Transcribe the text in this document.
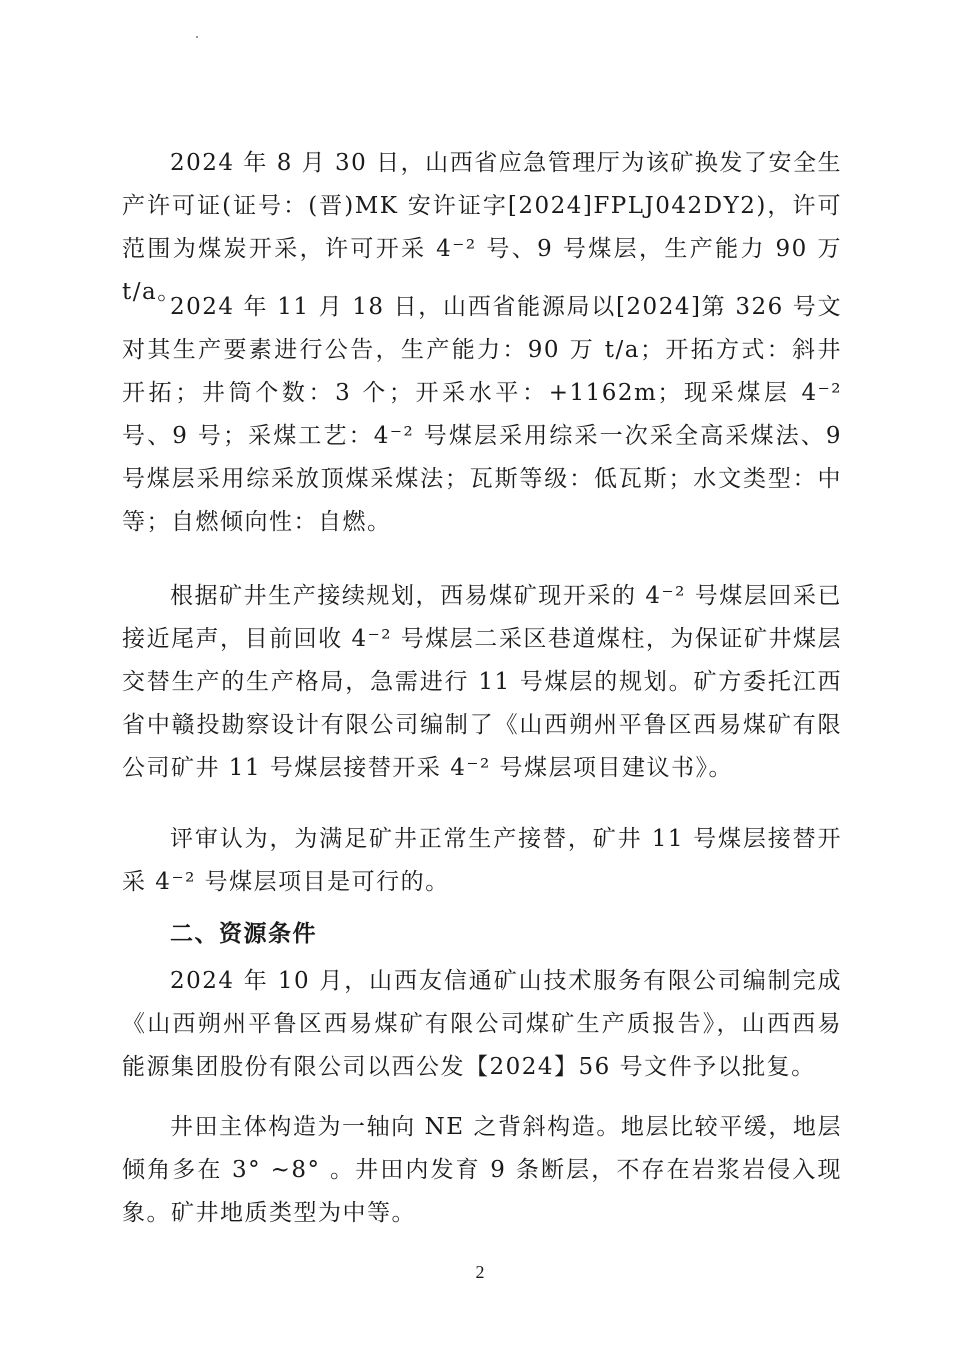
2024 年 8 月 30 日，山西省应急管理厅为该矿换发了安全生产许可证(证号：(晋)MK 安许证字[2024]FPLJ042DY2)，许可范围为煤炭开采，许可开采 4⁻² 号、9 号煤层，生产能力 90 万 t/a。

2024 年 11 月 18 日，山西省能源局以[2024]第 326 号文对其生产要素进行公告，生产能力：90 万 t/a；开拓方式：斜井开拓；井筒个数：3 个；开采水平：+1162m；现采煤层 4⁻² 号、9 号；采煤工艺：4⁻² 号煤层采用综采一次采全高采煤法、9 号煤层采用综采放顶煤采煤法；瓦斯等级：低瓦斯；水文类型：中等；自燃倾向性：自燃。

根据矿井生产接续规划，西易煤矿现开采的 4⁻² 号煤层回采已接近尾声，目前回收 4⁻² 号煤层二采区巷道煤柱，为保证矿井煤层交替生产的生产格局，急需进行 11 号煤层的规划。矿方委托江西省中赣投勘察设计有限公司编制了《山西朔州平鲁区西易煤矿有限公司矿井 11 号煤层接替开采 4⁻² 号煤层项目建议书》。

评审认为，为满足矿井正常生产接替，矿井 11 号煤层接替开采 4⁻² 号煤层项目是可行的。

二、资源条件

2024 年 10 月，山西友信通矿山技术服务有限公司编制完成《山西朔州平鲁区西易煤矿有限公司煤矿生产质报告》，山西西易能源集团股份有限公司以西公发【2024】56 号文件予以批复。

井田主体构造为一轴向 NE 之背斜构造。地层比较平缓，地层倾角多在 3° ~8° 。井田内发育 9 条断层，不存在岩浆岩侵入现象。矿井地质类型为中等。

2
